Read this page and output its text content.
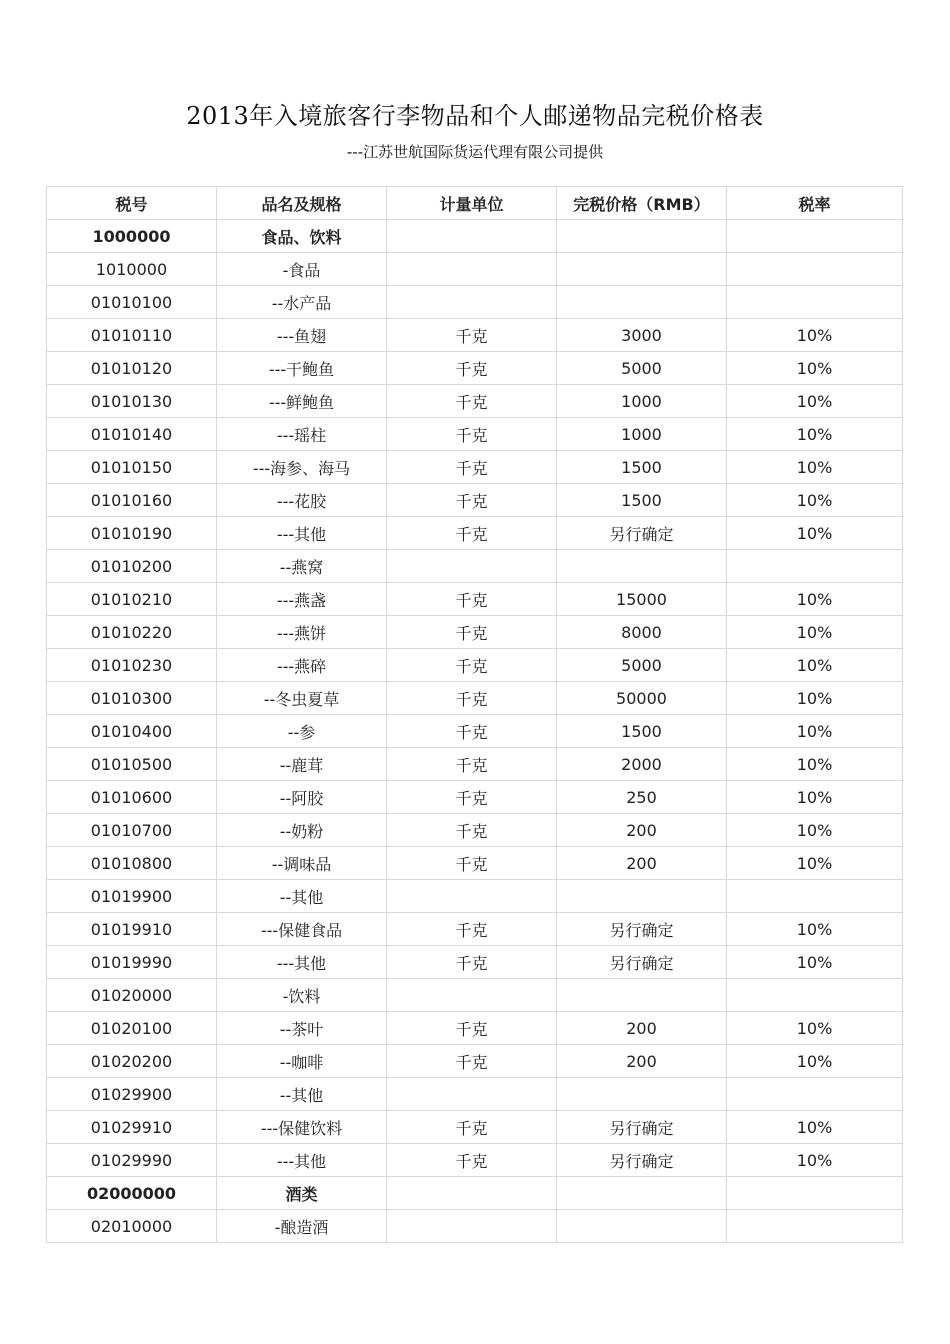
2013年入境旅客行李物品和个人邮递物品完税价格表
---江苏世航国际货运代理有限公司提供
税号	品名及规格	计量单位	完税价格（RMB）	税率
1000000	食品、饮料			
1010000	-食品			
01010100	--水产品			
01010110	---鱼翅	千克	3000	10%
01010120	---干鲍鱼	千克	5000	10%
01010130	---鲜鲍鱼	千克	1000	10%
01010140	---瑶柱	千克	1000	10%
01010150	---海参、海马	千克	1500	10%
01010160	---花胶	千克	1500	10%
01010190	---其他	千克	另行确定	10%
01010200	--燕窝			
01010210	---燕盏	千克	15000	10%
01010220	---燕饼	千克	8000	10%
01010230	---燕碎	千克	5000	10%
01010300	--冬虫夏草	千克	50000	10%
01010400	--参	千克	1500	10%
01010500	--鹿茸	千克	2000	10%
01010600	--阿胶	千克	250	10%
01010700	--奶粉	千克	200	10%
01010800	--调味品	千克	200	10%
01019900	--其他			
01019910	---保健食品	千克	另行确定	10%
01019990	---其他	千克	另行确定	10%
01020000	-饮料			
01020100	--茶叶	千克	200	10%
01020200	--咖啡	千克	200	10%
01029900	--其他			
01029910	---保健饮料	千克	另行确定	10%
01029990	---其他	千克	另行确定	10%
02000000	酒类			
02010000	-酿造酒			
